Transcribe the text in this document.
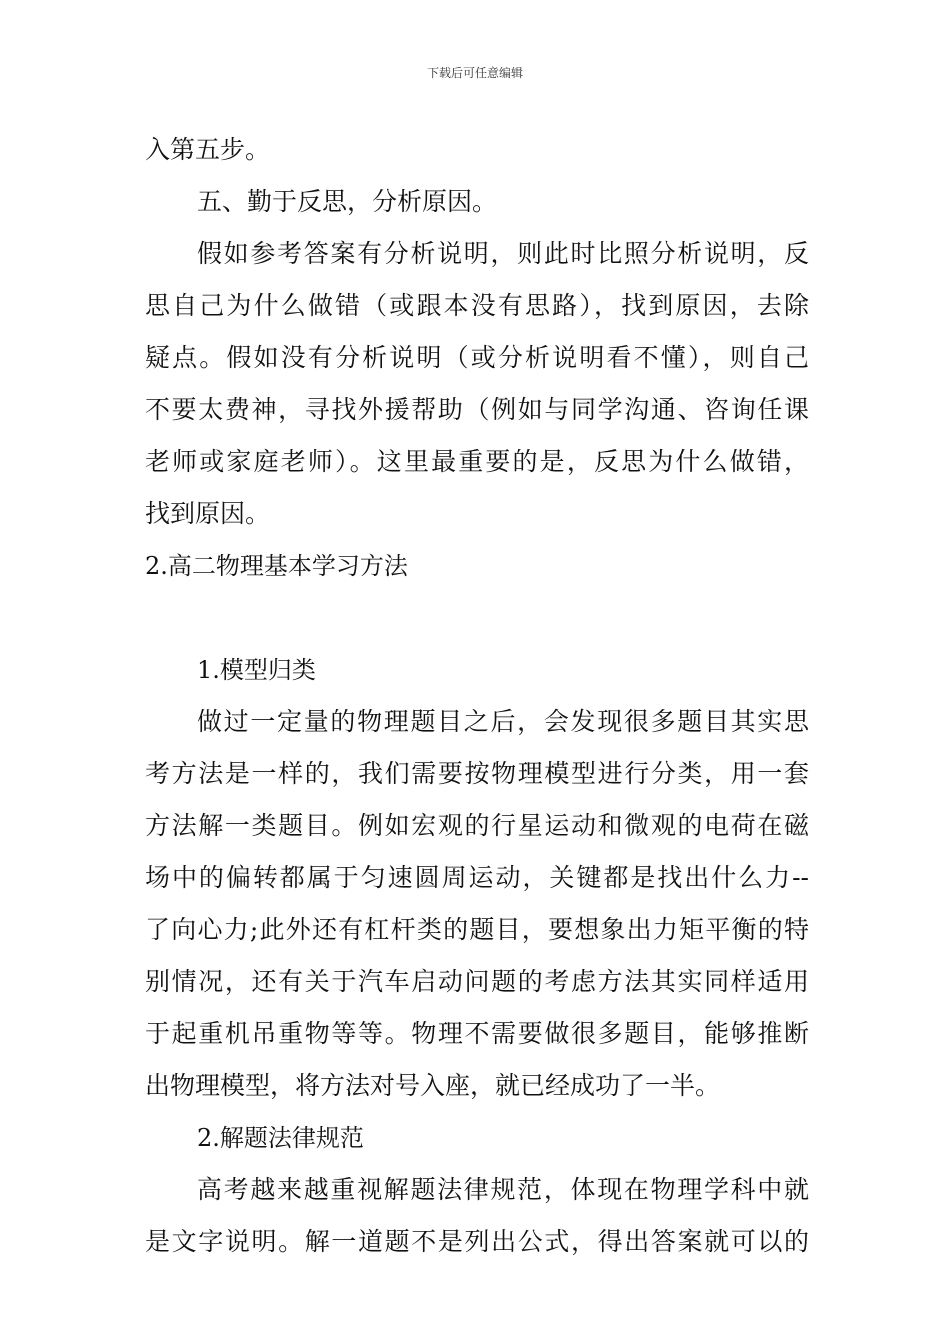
下载后可任意编辑
入第五步。
五、勤于反思，分析原因。
假如参考答案有分析说明，则此时比照分析说明，反
思自己为什么做错（或跟本没有思路），找到原因，去除
疑点。假如没有分析说明（或分析说明看不懂），则自己
不要太费神，寻找外援帮助（例如与同学沟通、咨询任课
老师或家庭老师）。这里最重要的是，反思为什么做错，
找到原因。
2.高二物理基本学习方法
1.模型归类
做过一定量的物理题目之后，会发现很多题目其实思
考方法是一样的，我们需要按物理模型进行分类，用一套
方法解一类题目。例如宏观的行星运动和微观的电荷在磁
场中的偏转都属于匀速圆周运动，关键都是找出什么力--
了向心力;此外还有杠杆类的题目，要想象出力矩平衡的特
别情况，还有关于汽车启动问题的考虑方法其实同样适用
于起重机吊重物等等。物理不需要做很多题目，能够推断
出物理模型，将方法对号入座，就已经成功了一半。
2.解题法律规范
高考越来越重视解题法律规范，体现在物理学科中就
是文字说明。解一道题不是列出公式，得出答案就可以的
